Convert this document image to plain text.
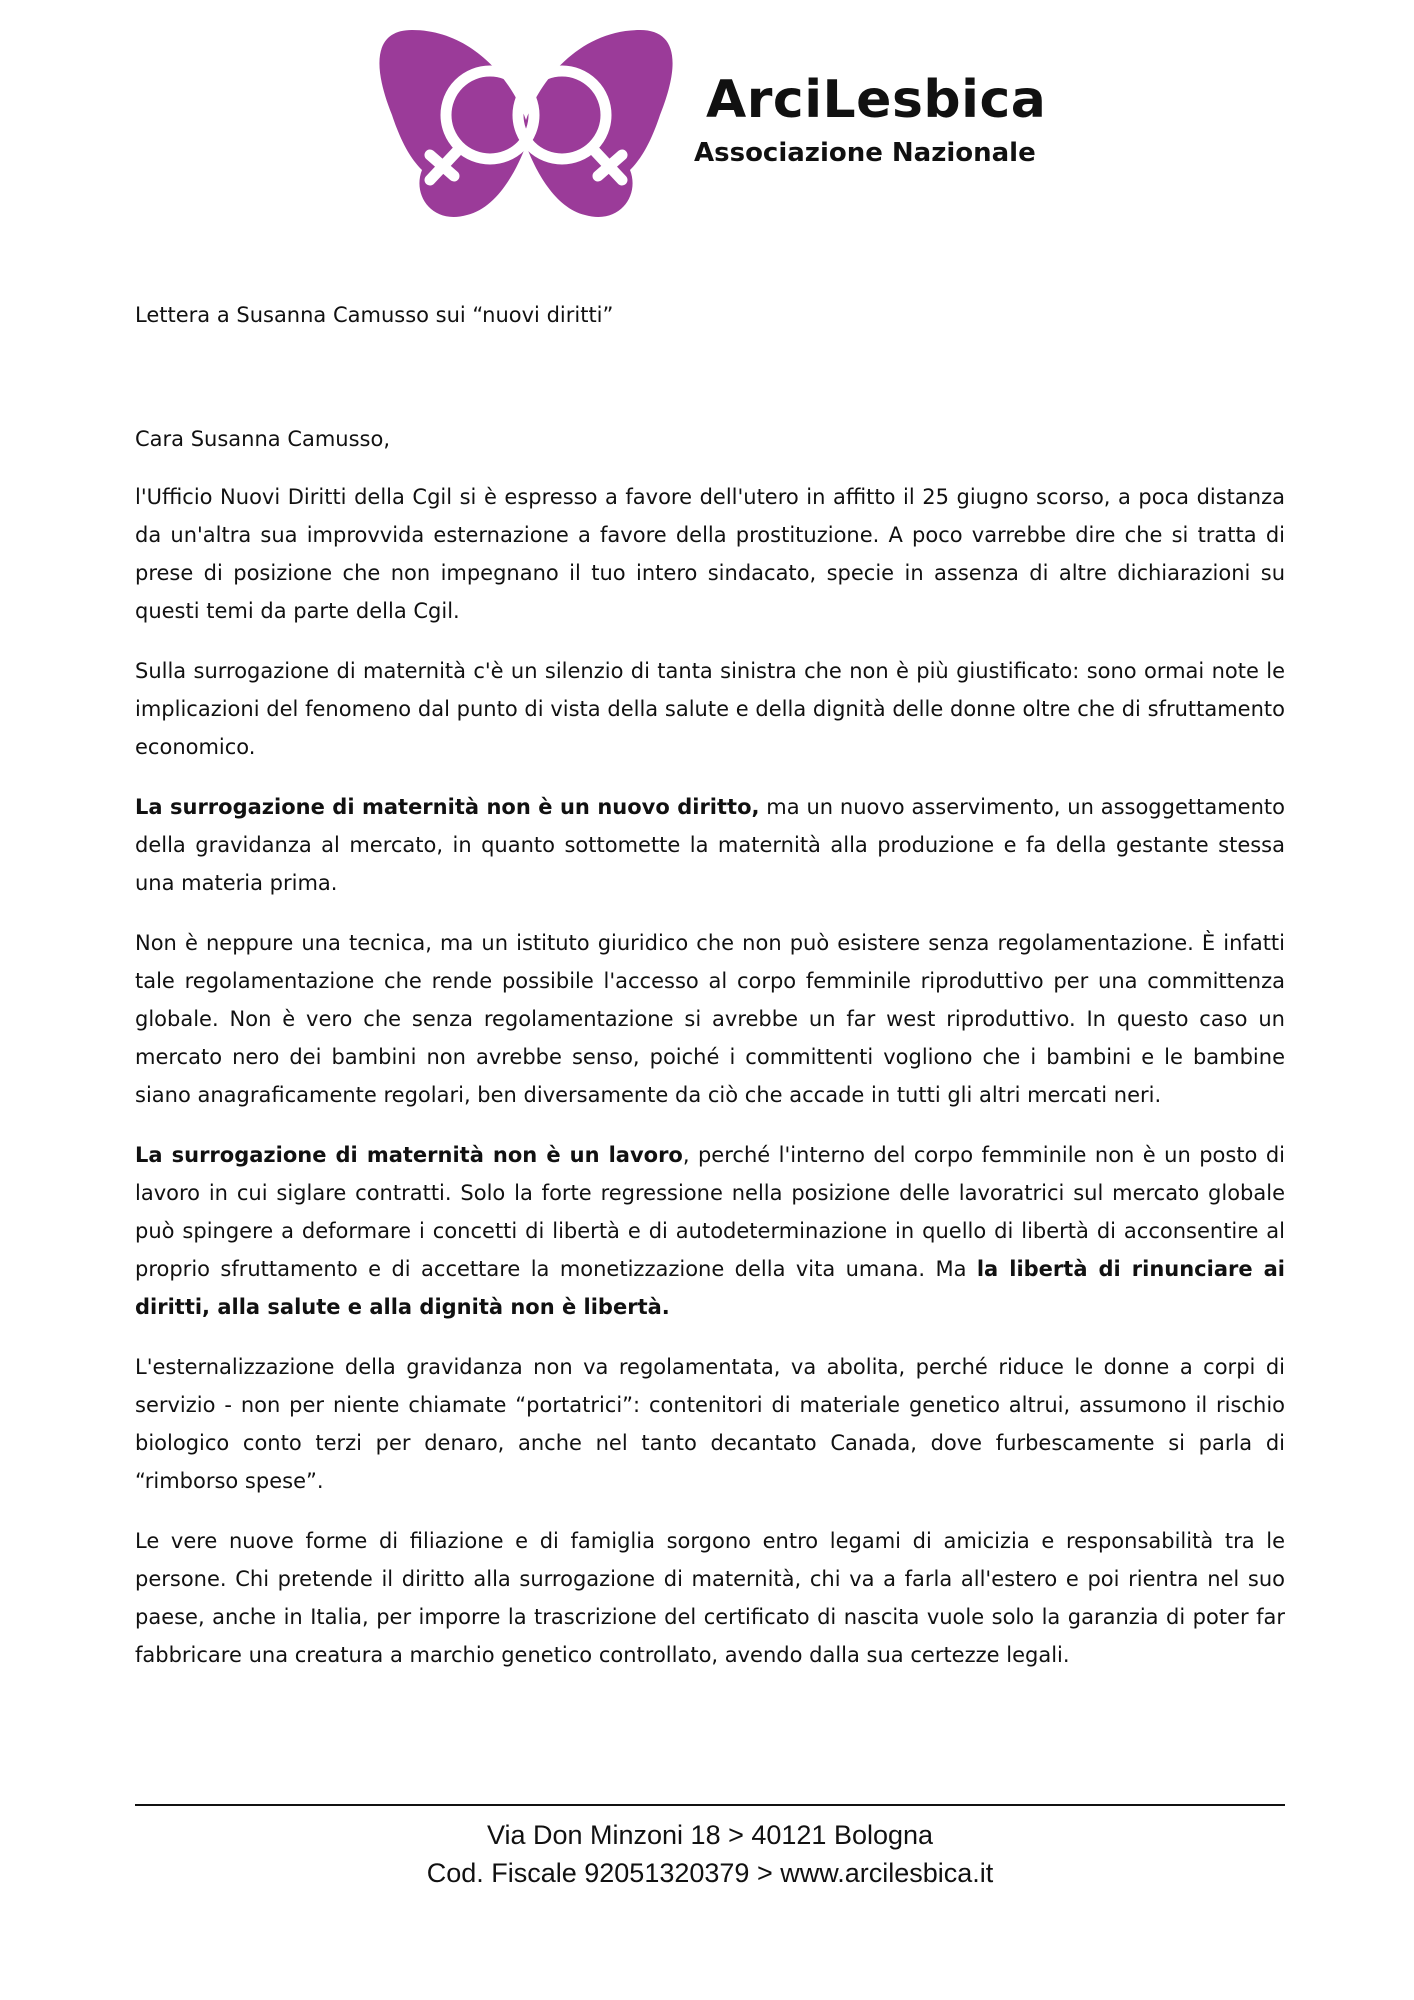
ArciLesbica
Associazione Nazionale

Lettera a Susanna Camusso sui “nuovi diritti”

Cara Susanna Camusso,

l'Ufficio Nuovi Diritti della Cgil si è espresso a favore dell'utero in affitto il 25 giugno scorso, a poca distanza da un'altra sua improvvida esternazione a favore della prostituzione. A poco varrebbe dire che si tratta di prese di posizione che non impegnano il tuo intero sindacato, specie in assenza di altre dichiarazioni su questi temi da parte della Cgil.

Sulla surrogazione di maternità c'è un silenzio di tanta sinistra che non è più giustificato: sono ormai note le implicazioni del fenomeno dal punto di vista della salute e della dignità delle donne oltre che di sfruttamento economico.

La surrogazione di maternità non è un nuovo diritto, ma un nuovo asservimento, un assoggettamento della gravidanza al mercato, in quanto sottomette la maternità alla produzione e fa della gestante stessa una materia prima.

Non è neppure una tecnica, ma un istituto giuridico che non può esistere senza regolamentazione. È infatti tale regolamentazione che rende possibile l'accesso al corpo femminile riproduttivo per una committenza globale. Non è vero che senza regolamentazione si avrebbe un far west riproduttivo. In questo caso un mercato nero dei bambini non avrebbe senso, poiché i committenti vogliono che i bambini e le bambine siano anagraficamente regolari, ben diversamente da ciò che accade in tutti gli altri mercati neri.

La surrogazione di maternità non è un lavoro, perché l'interno del corpo femminile non è un posto di lavoro in cui siglare contratti. Solo la forte regressione nella posizione delle lavoratrici sul mercato globale può spingere a deformare i concetti di libertà e di autodeterminazione in quello di libertà di acconsentire al proprio sfruttamento e di accettare la monetizzazione della vita umana. Ma la libertà di rinunciare ai diritti, alla salute e alla dignità non è libertà.

L'esternalizzazione della gravidanza non va regolamentata, va abolita, perché riduce le donne a corpi di servizio - non per niente chiamate “portatrici”: contenitori di materiale genetico altrui, assumono il rischio biologico conto terzi per denaro, anche nel tanto decantato Canada, dove furbescamente si parla di “rimborso spese”.

Le vere nuove forme di filiazione e di famiglia sorgono entro legami di amicizia e responsabilità tra le persone. Chi pretende il diritto alla surrogazione di maternità, chi va a farla all'estero e poi rientra nel suo paese, anche in Italia, per imporre la trascrizione del certificato di nascita vuole solo la garanzia di poter far fabbricare una creatura a marchio genetico controllato, avendo dalla sua certezze legali.

Via Don Minzoni 18 > 40121 Bologna
Cod. Fiscale 92051320379 > www.arcilesbica.it
